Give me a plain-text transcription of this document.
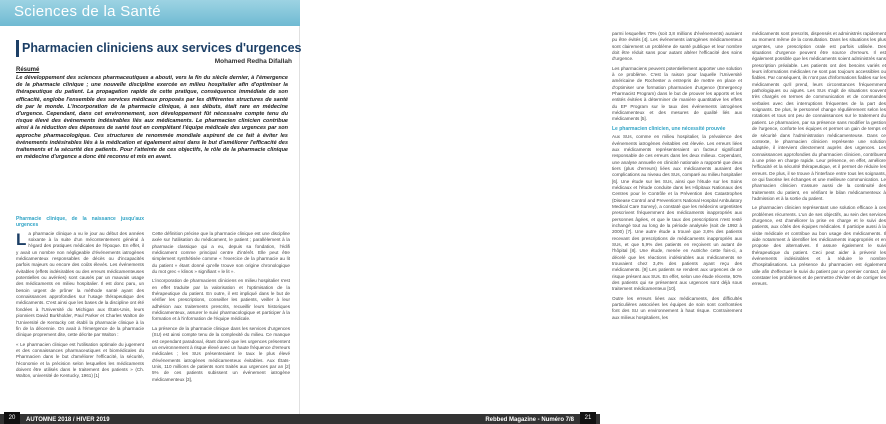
Sciences de la Santé
Pharmacien cliniciens aux services d'urgences
Mohamed Redha Difallah
Résumé

Le développement des sciences pharmaceutiques a abouti, vers la fin du siècle dernier, à l'émergence de la pharmacie clinique ; une nouvelle discipline exercée en milieu hospitalier afin d'optimiser la thérapeutique du patient. La propagation rapide de cette pratique, conséquence immédiate de son efficacité, englobe l'ensemble des services médicaux proposés par les différentes structures de santé de par le monde. L'incorporation de la pharmacie clinique, à ses débuts, était rare en médecine d'urgence. Cependant, dans cet environnement, son développement fût nécessaire compte tenu du risque élevé des événements indésirables liés aux médicaments. Le pharmacien clinicien contribue ainsi à la réduction des dépenses de santé tout en complétant l'équipe médicale des urgences par son approche pharmacologique. Ces structures de renommée mondiale aspirent de ce fait à éviter les événements indésirables liés à la médication et également ainsi dans le but d'améliorer l'efficacité des traitements et la sécurité des patients. Pour l'atteinte de ces objectifs, le rôle de la pharmacie clinique en médecine d'urgence a donc été reconnu et mis en avant.

Pharmacie clinique, de la naissance jusqu'aux urgences

La pharmacie clinique a vu le jour au début des années soixante à la suite d'un mécontentement général à l'égard des pratiques médicales de l'époque. En effet, il y avait un nombre non négligeable d'événements iatrogènes médicamenteux responsables de décès ou d'incapacités parfois majeurs ou encore des coûts élevés. Les événements évitables (effets indésirables ou des erreurs médicamenteuses potentielles ou avérées) sont causés par un mauvais usage des médicaments en milieu hospitalier. Il est donc paru, un besoin urgent de prôner la méthode santé ayant des connaissances approfondies sur l'usage thérapeutique des médicaments. C'est ainsi que les bases de la discipline ont été fondées à l'Université du Michigan aux États-Unis, leurs pionniers David Burkholder, Paul Parker et Charles Walton de l'Université de Kentucky ont établi la pharmacie clinique à la fin de la décennie. On avait à l'émergence de la pharmacie clinique proprement dite, cette décrite par Walton :

« Le pharmacien clinique est l'utilisation optimale du jugement et des connaissances pharmaceutiques et biomédicales du Pharmacien dans le but d'améliorer l'efficacité, la sécurité, l'économie et la précision selon lesquelles les médicaments doivent être utilisés dans le traitement des patients » (Ch. Walton, université de Kentucky, 1961) [1]

Cette définition précise que la pharmacie clinique est une discipline axée sur l'utilisation du médicament, le patient ; parallèlement à la pharmacie classique qui a eu, depuis sa fondation, l'édifi médicament comme principal centre d'intérêt. Elle peut être simplement synthétisée comme « l'exercice de la pharmacie au lit du patient » étant donné qu'elle trouve son origine chronologique du mot grec « klinos » signifiant « le lit ».

L'incorporation de pharmaciens cliniciens en milieu hospitalier s'est en effet traduite par la valorisation et l'optimisation de la thérapeutique du patient. En outre, il est impliqué dans le but de vérifier les prescriptions, conseiller les patients, veiller à leur adhésion aux traitements prescrits, recueillir leurs historiques médicamenteux, assurer le suivi pharmacologique et participer à la formation et à l'information de l'équipe médicale.

La présence de la pharmacie clinique dans les services d'urgences (SU) est ainsi compte tenu de la complexité du milieu. Ce manque est cependant paradoxal, étant donné que les urgences présentent un environnement à risque élevé avec un haute fréquence d'erreurs médicales ; les SUs présenteraient le taux le plus élevé d'événements iatrogènes médicamenteux évitables. Aux États-Unis, 110 millions de patients sont traités aux urgences par an [2] 5% de ces patients subissent un événement iatrogène médicamenteux [3],

20	AUTOMNE 2018 / HIVER 2019

parmi lesquelles 70% (soit 3,8 millions d'événements) auraient pu être évités [4]. Les événements iatrogènes médicamenteux sont clairement un problème de santé publique et leur nombre doit être réduit sans pour autant altérer l'efficacité des soins d'urgence.

Les pharmaciens peuvent potentiellement apporter une solution à ce problème. C'est la raison pour laquelle l'Université américaine de Rochester a entrepris de mettre en place et d'optimiser une formation pharmacien d'urgence (Emergency Pharmacist Program) dans le but de prouver les apports et les entités évitées à déterminer de manière quantitative les effets du EP Program sur le taux des événements iatrogènes médicamenteux et des mesures de qualité liés aux médicaments [5].

Le pharmacien clinicien, une nécessité prouvée

Aux SUs, comme en milieu hospitalier, la prévalence des événements iatrogènes évitables est élevée. Les erreurs liées aux médicaments représenteraient un facteur significatif responsable de ces erreurs dans les deux milieux. Cependant, une analyse annuelle en clinicité nationale a rapporté que deux tiers (plus d'erreurs) liées aux médicaments auraient des complications au niveau des SUs, comparé au milieu hospitalier [6]. Une étude sur les SUs, ainsi que l'étude sur les Soins médicaux et l'étude conduite dans les Hôpitaux Nationaux des Centres pour le Contrôle et la Prévention des Catastrophes (Disease Control and Prevention's National Hospital Ambulatory Medical Care Survey), a constaté que les médecins urgentistes prescrivent fréquemment des médicaments inappropriés aux personnes âgées, et que le taux des prescriptions n'est resté inchangé tout au long de la période analysée (soit de 1992 à 2000) [7]. Une autre étude a trouvé que 3,6% des patients recevant des prescriptions de médicaments inappropriés aux SUs, et que 5,9% des patients en reçoivent un autant de l'hôpital [8]. Une étude, menée en Autriche cette fois-ci, a décelé que les réactions indésirables aux médicaments se trouvaient chez 3,4% des patients ayant reçu des médicaments. [9] Les patients se rendent aux urgences de ce risque présent aux SUs. En effet, selon une étude récente, 50% des patients qui se présentent aux urgences sont déjà sous traitement médicamenteux [10].

Outre les erreurs liées aux médicaments, des difficultés particulières associées les équipes de soin sont confrontées font des SU un environnement à haut risque. Contrairement aux milieux hospitaliers, les

médicaments sont prescrits, dispensés et administrés rapidement au moment même de la consultation. Dans les situations les plus urgentes, une prescription orale est parfois utilisée. Des situations d'urgence peuvent être source d'erreurs. Il est également possible que les médicaments soient administrés sans prescription préalable. Les patients ont des besoins variés et leurs informations médicales ne sont pas toujours accessibles ou fiables. Par conséquent, ils n'ont pas d'informations fiables sur les médicaments qu'il prend, leurs circonstances fréquemment pathologiques ou aiguës. Les SUs s'agit de situations souvent très chargés en termes de communication et de commandes verbales avec des interruptions fréquentes de la part des soignants. De plus, le personnel change régulièrement selon les rotations et tous ont peu de connaissances sur le traitement du patient. Le pharmacien, par sa présence sans modifier la gestion de l'urgence, conforte les équipes et permet un gain de temps et de sécurité dans l'administration médicamenteuse. Dans ce contexte, le pharmacien clinicien représente une solution adaptée, il intervient directement auprès des urgences. Les connaissances approfondies du pharmacien clinicien, contribuent à une prise en charge rapide. Leur présence, en effet, améliore l'efficacité et la sécurité thérapeutique, et il permet de réduire les erreurs. De plus, il se trouve à l'interface entre tous les soignants, ce qui favorise les échanges et une meilleure communication. Le pharmacien clinicien s'assure aussi de la continuité des traitements du patient, en vérifiant le bilan médicamenteux à l'admission et à la sortie du patient.

Le pharmacien clinicien représentant une solution efficace à ces problèmes récurrents. L'un de ses objectifs, au sein des services d'urgence, est d'améliorer la prise en charge et le suivi des patients, aux côtés des équipes médicales. Il participe aussi à la visite médicale et contribue au bon usage des médicaments. Il aide notamment à identifier les médicaments inappropriés et en propose des alternatives. Il assure également le suivi thérapeutique du patient. Ceci peut aider à prévenir les événements indésirables et à réduire le nombre d'hospitalisations. La présence du pharmacien est également utile afin d'effectuer le suivi du patient par un premier contact, de constater les problèmes et de permettre d'éviter et de corriger les erreurs.

21
Rebbed Magazine - Numéro 7/8
